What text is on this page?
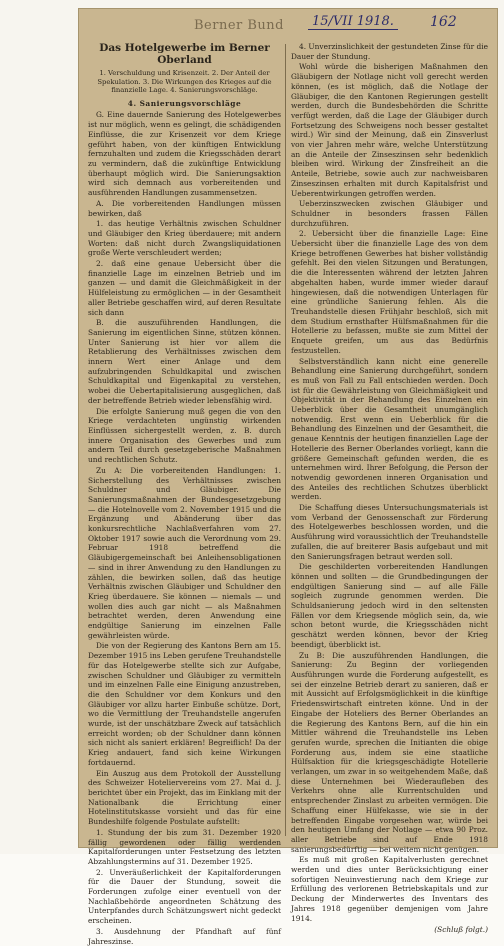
Berner Bund	15/VII 1918.	162
Das Hotelgewerbe im Berner Oberland
1. Verschuldung und Krisenzeit. 2. Der Anteil der Spekulation. 3. Die Wirkungen des Krieges auf die finanzielle Lage. 4. Sanierungsvorschläge.
4. Sanierungsvorschläge

G. Eine dauernde Sanierung des Hotelgewerbes ist nur möglich, wenn es gelingt, die schädigenden Einflüsse, die zur Krisenzeit vor dem Kriege geführt haben, von der künftigen Entwicklung fernzuhalten und zudem die Kriegsschäden derart zu vermindern, daß die zukünftige Entwicklung überhaupt möglich wird. Die Sanierungsaktion wird sich demnach aus vorbereitenden und ausführenden Handlungen zusammensetzen.

A. Die vorbereitenden Handlungen müssen bewirken, daß

1. das heutige Verhältnis zwischen Schuldner und Gläubiger den Krieg überdauere; mit andern Worten: daß nicht durch Zwangsliquidationen große Werte verschleudert werden;

2. daß eine genaue Uebersicht über die finanzielle Lage im einzelnen Betrieb und im ganzen — und damit die Gleichmäßigkeit in der Hülfeleistung zu ermöglichen — in der Gesamtheit aller Betriebe geschaffen wird, auf deren Resultate sich dann

B. die auszuführenden Handlungen, die Sanierung im eigentlichen Sinne, stützen können. Unter Sanierung ist hier vor allem die Retablierung des Verhältnisses zwischen dem innern Wert einer Anlage und dem aufzubringenden Schuldkapital und zwischen Schuldkapital und Eigenkapital zu verstehen, wobei die Uebertapitalisierung ausgeglichen, daß der betreffende Betrieb wieder lebensfähig wird.

Die erfolgte Sanierung muß gegen die von den Kriege verdachteten ungünstig wirkenden Einflüssen sichergestellt werden, z. B. durch innere Organisation des Gewerbes und zum andern Teil durch gesetzgeberische Maßnahmen und rechtlichen Schutz.

Zu A: Die vorbereitenden Handlungen: 1. Sicherstellung des Verhältnisses zwischen Schuldner und Gläubiger. Die Sanierungsmaßnahmen der Bundesgesetzgebung — die Hotelnovelle vom 2. November 1915 und die Ergänzung und Abänderung über das konkursrechtliche Nachlaßverfahren vom 27. Oktober 1917 sowie auch die Verordnung vom 29. Februar 1918 betreffend die Gläubigergemeinschaft bei Anleihensobligationen — sind in ihrer Anwendung zu den Handlungen zu zählen, die bewirken sollen, daß das heutige Verhältnis zwischen Gläubiger und Schuldner den Krieg überdauere. Sie können — niemals — und wollen dies auch gar nicht — als Maßnahmen betrachtet werden, deren Anwendung eine endgültige Sanierung im einzelnen Falle gewährleisten würde.

Die von der Regierung des Kantons Bern am 15. Dezember 1915 ins Leben gerufene Treuhandstelle für das Hotelgewerbe stellte sich zur Aufgabe, zwischen Schuldner und Gläubiger zu vermitteln und im einzelnen Falle eine Einigung anzustreben, die den Schuldner vor dem Konkurs und den Gläubiger vor allzu harter Einbuße schütze. Dort, wo die Vermittlung der Treuhandstelle angerufen wurde, ist der unschätzbare Zweck auf tatsächlich erreicht worden; ob der Schuldner dann können sich nicht als saniert erklären! Begreiflich! Da der Krieg andauert, fand sich keine Wirkungen fortdauernd.

Ein Auszug aus dem Protokoll der Ausstellung des Schweizer Hoteliervereins vom 27. Mai d. J. berichtet über ein Projekt, das im Einklang mit der Nationalbank die Errichtung einer Hotelinstitutskasse vorsieht und das für eine Bundeshilfe folgende Postulate aufstellt:

1. Stundung der bis zum 31. Dezember 1920 fällig gewordenen oder fällig werdenden Kapitalforderungen unter Festsetzung des letzten Abzahlungstermins auf 31. Dezember 1925.

2. Unveräußerlichkeit der Kapitalforderungen für die Dauer der Stundung, soweit die Forderungen zufolge einer eventuell von der Nachlaßbehörde angeordneten Schätzung des Unterpfandes durch Schätzungswert nicht gedeckt erscheinen.

3. Ausdehnung der Pfandhaft auf fünf Jahreszinse.

4. Unverzinslichkeit der gestundeten Zinse für die Dauer der Stundung.

Wohl würde die bisherigen Maßnahmen den Gläubigern der Notlage nicht voll gerecht werden können, (es ist möglich, daß die Notlage der Gläubiger, die den Kantonen Regierungen gestellt werden, durch die Bundesbehörden die Schritte verfügt werden, daß die Lage der Gläubiger durch Fortsetzung des Schweigens noch besser gestaltet wird.) Wir sind der Meinung, daß ein Zinsverlust von vier Jahren mehr wäre, welche Unterstützung an die Anteile der Zinseszinsen sehr bedenklich bleiben wird. Wirkung der Zinsfreiheit an die Anteile, Betriebe, sowie auch zur nachweisbaren Zinseszinsen erhalten mit durch Kapitalsfrist und Ueberentwirkungen getroffen werden.

Ueberzinszwecken zwischen Gläubiger und Schuldner in besonders frassen Fällen durchzuführen.

2. Uebersicht über die finanzielle Lage: Eine Uebersicht über die finanzielle Lage des von dem Kriege betroffenen Gewerbes hat bisher vollständig gefehlt. Bei den vielen Sitzungen und Beratungen, die die Interessenten während der letzten Jahren abgehalten haben, wurde immer wieder darauf hingewiesen, daß die notwendigen Unterlagen für eine gründliche Sanierung fehlen. Als die Treuhandstelle diesen Frühjahr beschloß, sich mit dem Studium ernsthafter Hülfsmaßnahmen für die Hotellerie zu befassen, mußte sie zum Mittel der Enquete greifen, um aus das Bedürfnis festzustellen.

Selbstverständlich kann nicht eine generelle Behandlung eine Sanierung durchgeführt, sondern es muß von Fall zu Fall entschieden werden. Doch ist für die Gewährleistung von Gleichmäßigkeit und Objektivität in der Behandlung des Einzelnen ein Ueberblick über die Gesamtheit unumgänglich notwendig. Erst wenn ein Ueberblick für die Behandlung des Einzelnen und der Gesamtheit, die genaue Kenntnis der heutigen finanziellen Lage der Hotellerie des Berner Oberlandes vorliegt, kann die größere Gemeinschaft gefunden werden, die es unternehmen wird. Ihrer Befolgung, die Person der notwendig gewordenen inneren Organisation und des Anteiles des rechtlichen Schutzes überblickt werden.

Die Schaffung dieses Untersuchungsmaterials ist vom Verband der Genossenschaft zur Förderung des Hotelgewerbes beschlossen worden, und die Ausführung wird voraussichtlich der Treuhandstelle zufallen, die auf breiterer Basis aufgebaut und mit den Sanierungsfragen betraut werden soll.

Die geschilderten vorbereitenden Handlungen können und sollten — die Grundbedingungen der endgültigen Sanierung sind — auf alle Fälle sogleich zugrunde genommen werden. Die Schuldsanierung jedoch wird in den seltensten Fällen vor dem Kriegsende möglich sein, da, wie schon betont wurde, die Kriegsschäden nicht geschätzt werden können, bevor der Krieg beendigt, überblickt ist.

Zu B: Die auszuführenden Handlungen, die Sanierung: Zu Beginn der vorliegenden Ausführungen wurde die Forderung aufgestellt, es sei der einzelne Betrieb derart zu sanieren, daß er mit Aussicht auf Erfolgsmöglichkeit in die künftige Friedenswirtschaft eintreten könne. Und in der Eingabe der Hoteliers des Berner Oberlandes an die Regierung des Kantons Bern, auf die hin ein Mittler während die Treuhandstelle ins Leben gerufen wurde, sprechen die Initianten die obige Forderung aus, indem sie eine staatliche Hülfsaktion für die kriegsgeschädigte Hotellerie verlangen, um zwar in so weitgehendem Maße, daß diese Unternehmen bei Wiederaufleben des Verkehrs ohne alle Kurrentschulden und entsprechender Zinslast zu arbeiten vermögen. Die Schaffung einer Hülfekasse, wie sie in der betreffenden Eingabe vorgesehen war, würde bei den heutigen Umfang der Notlage — etwa 90 Proz. aller Betriebe sind auf Ende 1918 sanierungsbedürftig — bei weitem nicht genügen.

Es muß mit großen Kapitalverlusten gerechnet werden und dies unter Berücksichtigung einer sofortigen Neuinvestierung nach dem Kriege zur Erfüllung des verlorenen Betriebskapitals und zur Deckung der Minderwertes des Inventars des Jahres 1918 gegenüber demjenigen vom Jahre 1914.

(Schluß folgt.)
